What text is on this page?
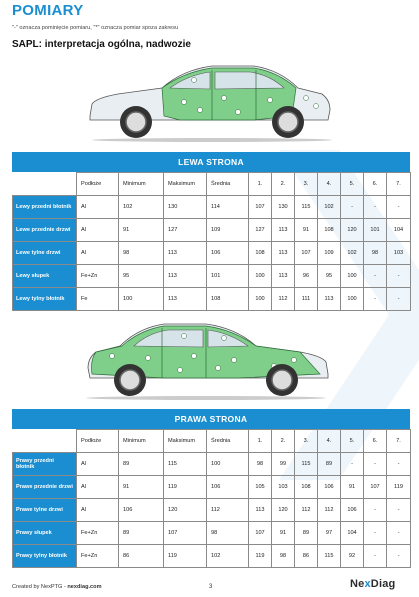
POMIARY
"-" oznacza pominięcie pomiaru, "*" oznacza pomiar spoza zakresu
SAPL: interpretacja ogólna, nadwozie
LEWA STRONA
	Podłoże	Minimum	Maksimum	Średnia	1.	2.	3.	4.	5.	6.	7.
Lewy przedni błotnik	Al	102	130	114	107	130	115	102	-	-	-
Lewe przednie drzwi	Al	91	127	109	127	113	91	108	120	101	104
Lewe tylne drzwi	Al	98	113	106	108	113	107	109	102	98	103
Lewy słupek	Fe+Zn	95	113	101	100	113	96	95	100	-	-
Lewy tylny błotnik	Fe	100	113	108	100	112	111	113	100	-	-
PRAWA STRONA
	Podłoże	Minimum	Maksimum	Średnia	1.	2.	3.	4.	5.	6.	7.
Prawy przedni błotnik	Al	89	115	100	98	99	115	89	-	-	-
Prawe przednie drzwi	Al	91	119	106	105	103	108	106	91	107	119
Prawe tylne drzwi	Al	106	120	112	113	120	112	112	106	-	-
Prawy słupek	Fe+Zn	89	107	98	107	91	89	97	104	-	-
Prawy tylny błotnik	Fe+Zn	86	119	102	119	98	86	115	92	-	-
Created by NexPTG - nexdiag.com	3	NexDiag
